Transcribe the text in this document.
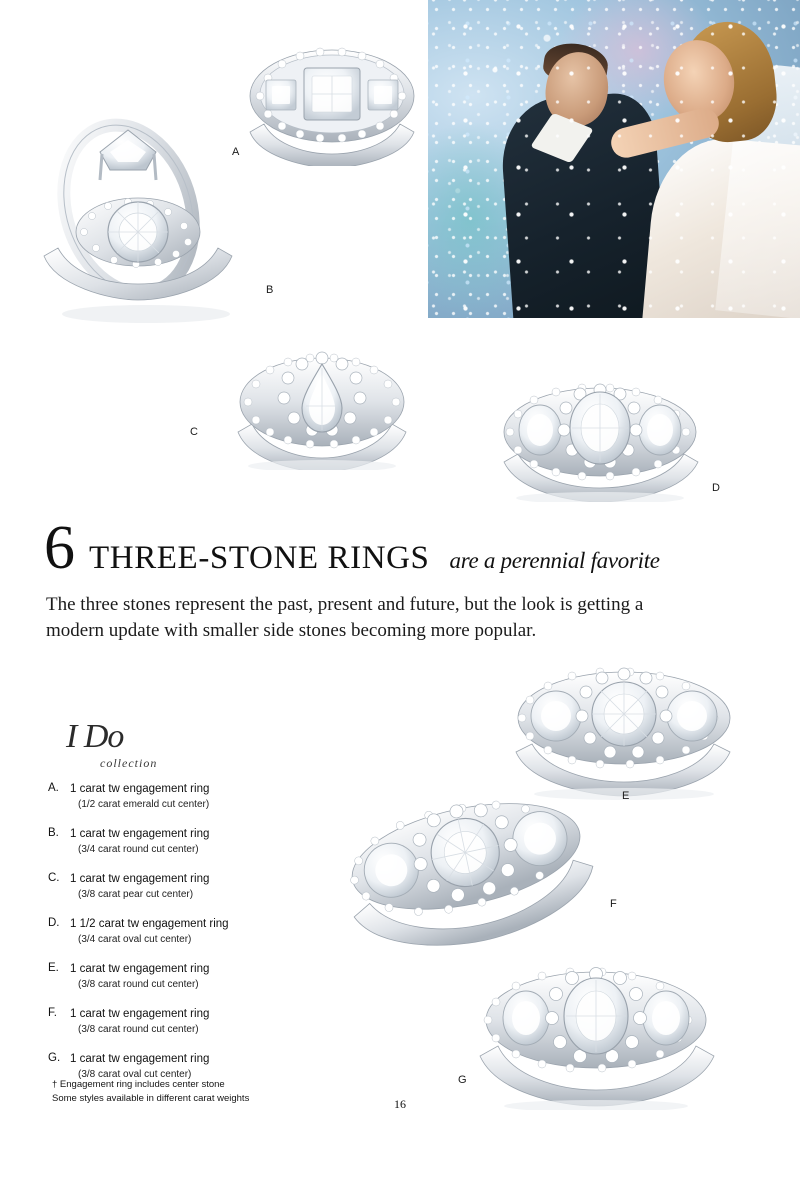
A
B
C
D
6 THREE-STONE RINGS are a perennial favorite
The three stones represent the past, present and future, but the look is getting a modern update with smaller side stones becoming more popular.
I Do
collection
E
F
G
A. 1 carat tw engagement ring
(1/2 carat emerald cut center)
B. 1 carat tw engagement ring
(3/4 carat round cut center)
C. 1 carat tw engagement ring
(3/8 carat pear cut center)
D. 1 1/2 carat tw engagement ring
(3/4 carat oval cut center)
E. 1 carat tw engagement ring
(3/8 carat round cut center)
F.	1 carat tw engagement ring
(3/8 carat round cut center)
G. 1 carat tw engagement ring
(3/8 carat oval cut center)
† Engagement ring includes center stone
Some styles available in different carat weights	16
